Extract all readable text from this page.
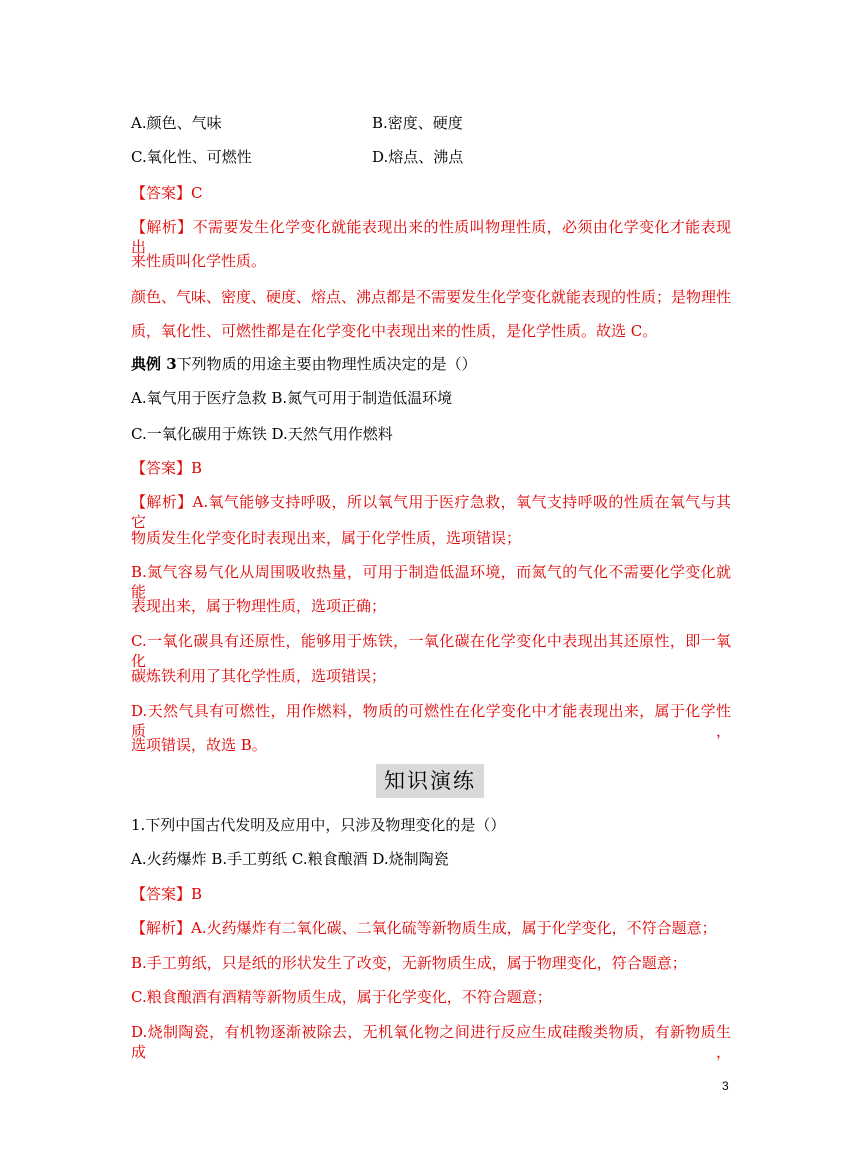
A.颜色、气味	B.密度、硬度
C.氧化性、可燃性	D.熔点、沸点
【答案】C
【解析】不需要发生化学变化就能表现出来的性质叫物理性质，必须由化学变化才能表现出
来性质叫化学性质。
颜色、气味、密度、硬度、熔点、沸点都是不需要发生化学变化就能表现的性质；是物理性
质，氧化性、可燃性都是在化学变化中表现出来的性质，是化学性质。故选 C。
典例 3下列物质的用途主要由物理性质决定的是（）
A.氧气用于医疗急救 B.氮气可用于制造低温环境
C.一氧化碳用于炼铁 D.天然气用作燃料
【答案】B
【解析】A.氧气能够支持呼吸，所以氧气用于医疗急救，氧气支持呼吸的性质在氧气与其它
物质发生化学变化时表现出来，属于化学性质，选项错误；
B.氮气容易气化从周围吸收热量，可用于制造低温环境，而氮气的气化不需要化学变化就能
表现出来，属于物理性质，选项正确；
C.一氧化碳具有还原性，能够用于炼铁，一氧化碳在化学变化中表现出其还原性，即一氧化
碳炼铁利用了其化学性质，选项错误；
D.天然气具有可燃性，用作燃料，物质的可燃性在化学变化中才能表现出来，属于化学性质，
选项错误，故选 B。
知识演练
1.下列中国古代发明及应用中，只涉及物理变化的是（）
A.火药爆炸 B.手工剪纸 C.粮食酿酒 D.烧制陶瓷
【答案】B
【解析】A.火药爆炸有二氧化碳、二氧化硫等新物质生成，属于化学变化，不符合题意；
B.手工剪纸，只是纸的形状发生了改变，无新物质生成，属于物理变化，符合题意；
C.粮食酿酒有酒精等新物质生成，属于化学变化，不符合题意；
D.烧制陶瓷，有机物逐渐被除去，无机氧化物之间进行反应生成硅酸类物质，有新物质生成，
3
